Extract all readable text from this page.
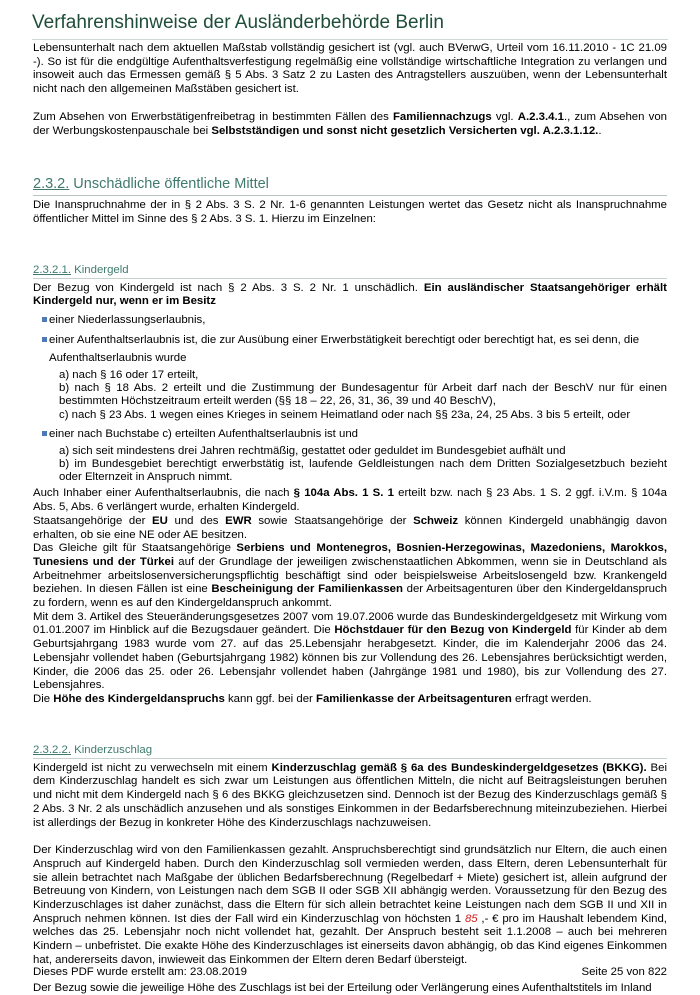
Verfahrenshinweise der Ausländerbehörde Berlin

Lebensunterhalt nach dem aktuellen Maßstab vollständig gesichert ist (vgl. auch BVerwG, Urteil vom 16.11.2010 - 1C 21.09 -). So ist für die endgültige Aufenthaltsverfestigung regelmäßig eine vollständige wirtschaftliche Integration zu verlangen und insoweit auch das Ermessen gemäß § 5 Abs. 3 Satz 2 zu Lasten des Antragstellers auszuüben, wenn der Lebensunterhalt nicht nach den allgemeinen Maßstäben gesichert ist.

Zum Absehen von Erwerbstätigenfreibetrag in bestimmten Fällen des Familiennachzugs vgl. A.2.3.4.1., zum Absehen von der Werbungskostenpauschale bei Selbstständigen und sonst nicht gesetzlich Versicherten vgl. A.2.3.1.12..

2.3.2. Unschädliche öffentliche Mittel

Die Inanspruchnahme der in § 2 Abs. 3 S. 2 Nr. 1-6 genannten Leistungen wertet das Gesetz nicht als Inanspruchnahme öffentlicher Mittel im Sinne des § 2 Abs. 3 S. 1. Hierzu im Einzelnen:

2.3.2.1. Kindergeld

Der Bezug von Kindergeld ist nach § 2 Abs. 3 S. 2 Nr. 1 unschädlich. Ein ausländischer Staatsangehöriger erhält Kindergeld nur, wenn er im Besitz

einer Niederlassungserlaubnis,
einer Aufenthaltserlaubnis ist, die zur Ausübung einer Erwerbstätigkeit berechtigt oder berechtigt hat, es sei denn, die Aufenthaltserlaubnis wurde

a) nach § 16 oder 17 erteilt,

b) nach § 18 Abs. 2 erteilt und die Zustimmung der Bundesagentur für Arbeit darf nach der BeschV nur für einen bestimmten Höchstzeitraum erteilt werden (§§ 18 – 22, 26, 31, 36, 39 und 40 BeschV),

c) nach § 23 Abs. 1 wegen eines Krieges in seinem Heimatland oder nach §§ 23a, 24, 25 Abs. 3 bis 5 erteilt, oder

einer nach Buchstabe c) erteilten Aufenthaltserlaubnis ist und

a) sich seit mindestens drei Jahren rechtmäßig, gestattet oder geduldet im Bundesgebiet aufhält und

b) im Bundesgebiet berechtigt erwerbstätig ist, laufende Geldleistungen nach dem Dritten Sozialgesetzbuch bezieht oder Elternzeit in Anspruch nimmt.

Auch Inhaber einer Aufenthaltserlaubnis, die nach § 104a Abs. 1 S. 1 erteilt bzw. nach § 23 Abs. 1 S. 2 ggf. i.V.m. § 104a Abs. 5, Abs. 6 verlängert wurde, erhalten Kindergeld.

Staatsangehörige der EU und des EWR sowie Staatsangehörige der Schweiz können Kindergeld unabhängig davon erhalten, ob sie eine NE oder AE besitzen.

Das Gleiche gilt für Staatsangehörige Serbiens und Montenegros, Bosnien-Herzegowinas, Mazedoniens, Marokkos, Tunesiens und der Türkei auf der Grundlage der jeweiligen zwischenstaatlichen Abkommen, wenn sie in Deutschland als Arbeitnehmer arbeitslosenversicherungspflichtig beschäftigt sind oder beispielsweise Arbeitslosengeld bzw. Krankengeld beziehen. In diesen Fällen ist eine Bescheinigung der Familienkassen der Arbeitsagenturen über den Kindergeldanspruch zu fordern, wenn es auf den Kindergeldanspruch ankommt.

Mit dem 3. Artikel des Steueränderungsgesetzes 2007 vom 19.07.2006 wurde das Bundeskindergeldgesetz mit Wirkung vom 01.01.2007 im Hinblick auf die Bezugsdauer geändert. Die Höchstdauer für den Bezug von Kindergeld für Kinder ab dem Geburtsjahrgang 1983 wurde vom 27. auf das 25.Lebensjahr herabgesetzt. Kinder, die im Kalenderjahr 2006 das 24. Lebensjahr vollendet haben (Geburtsjahrgang 1982) können bis zur Vollendung des 26. Lebensjahres berücksichtigt werden, Kinder, die 2006 das 25. oder 26. Lebensjahr vollendet haben (Jahrgänge 1981 und 1980), bis zur Vollendung des 27. Lebensjahres.

Die Höhe des Kindergeldanspruchs kann ggf. bei der Familienkasse der Arbeitsagenturen erfragt werden.

2.3.2.2. Kinderzuschlag

Kindergeld ist nicht zu verwechseln mit einem Kinderzuschlag gemäß § 6a des Bundeskindergeldgesetzes (BKKG). Bei dem Kinderzuschlag handelt es sich zwar um Leistungen aus öffentlichen Mitteln, die nicht auf Beitragsleistungen beruhen und nicht mit dem Kindergeld nach § 6 des BKKG gleichzusetzen sind. Dennoch ist der Bezug des Kinderzuschlags gemäß § 2 Abs. 3 Nr. 2 als unschädlich anzusehen und als sonstiges Einkommen in der Bedarfsberechnung miteinzubeziehen. Hierbei ist allerdings der Bezug in konkreter Höhe des Kinderzuschlags nachzuweisen.

Der Kinderzuschlag wird von den Familienkassen gezahlt. Anspruchsberechtigt sind grundsätzlich nur Eltern, die auch einen Anspruch auf Kindergeld haben. Durch den Kinderzuschlag soll vermieden werden, dass Eltern, deren Lebensunterhalt für sie allein betrachtet nach Maßgabe der üblichen Bedarfsberechnung (Regelbedarf + Miete) gesichert ist, allein aufgrund der Betreuung von Kindern, von Leistungen nach dem SGB II oder SGB XII abhängig werden. Voraussetzung für den Bezug des Kinderzuschlages ist daher zunächst, dass die Eltern für sich allein betrachtet keine Leistungen nach dem SGB II und XII in Anspruch nehmen können. Ist dies der Fall wird ein Kinderzuschlag von höchsten 1 85 ,- € pro im Haushalt lebendem Kind, welches das 25. Lebensjahr noch nicht vollendet hat, gezahlt. Der Anspruch besteht seit 1.1.2008 – auch bei mehreren Kindern – unbefristet. Die exakte Höhe des Kinderzuschlages ist einerseits davon abhängig, ob das Kind eigenes Einkommen hat, andererseits davon, inwieweit das Einkommen der Eltern deren Bedarf übersteigt.

Der Bezug sowie die jeweilige Höhe des Zuschlags ist bei der Erteilung oder Verlängerung eines Aufenthaltstitels im Inland

Dieses PDF wurde erstellt am: 23.08.2019	Seite 25 von 822
